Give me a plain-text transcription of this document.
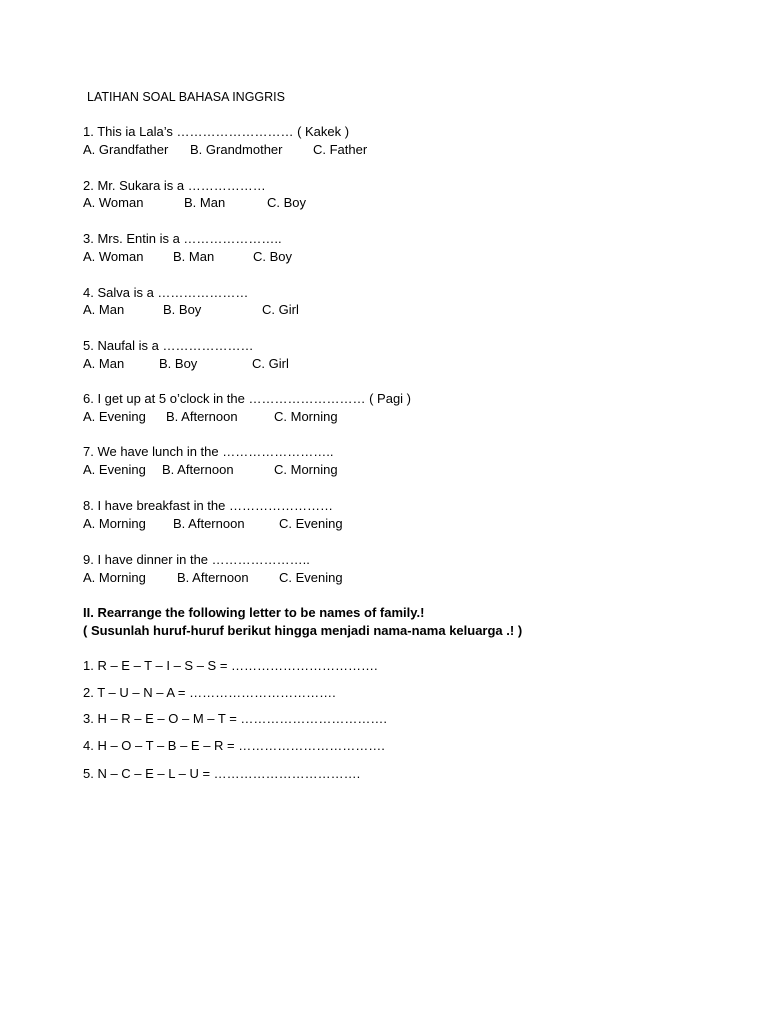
LATIHAN SOAL BAHASA INGGRIS
1. This ia Lala’s ……………………… ( Kakek )
A. Grandfather B. Grandmother C. Father
2. Mr. Sukara is a ………………
A. Woman	B. Man	C. Boy
3. Mrs. Entin is a …………………..
A. Woman B. Man	C. Boy
4. Salva is a …………………
A. Man	B. Boy	C. Girl
5. Naufal is a …………………
A. Man	B. Boy	C. Girl
6. I get up at 5 o’clock in the ……………………… ( Pagi )
A. Evening B. Afternoon	C. Morning
7. We have lunch in the ……………………..
A. Evening B. Afternoon	C. Morning
8. I have breakfast in the ……………………
A. Morning B. Afternoon	C. Evening
9. I have dinner in the …………………..
A. Morning B. Afternoon C. Evening
II. Rearrange the following letter to be names of family.!
( Susunlah huruf-huruf berikut hingga menjadi nama-nama keluarga .! )
1. R – E – T – I – S – S = …………………………….
2. T – U – N – A = …………………………….
3. H – R – E – O – M – T = …………………………….
4. H – O – T – B – E – R = …………………………….
5. N – C – E – L – U = …………………………….
